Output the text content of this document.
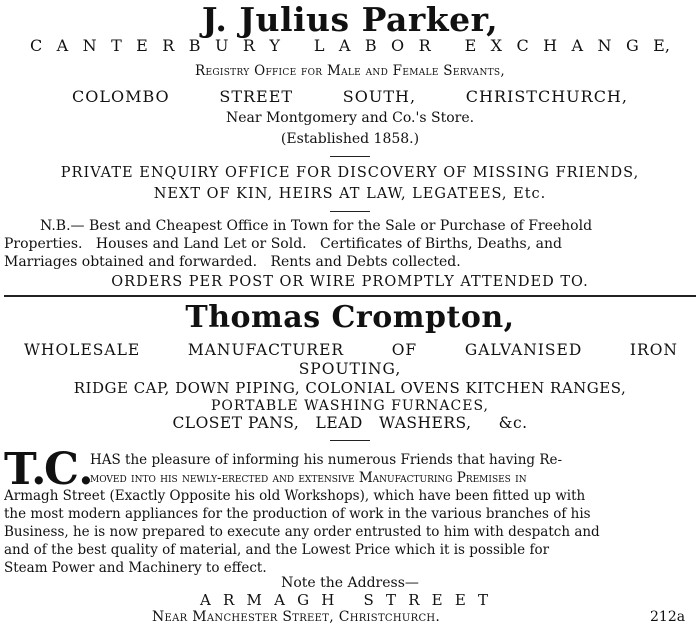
J. Julius Parker,
C A N T E R B U R Y
L A B O R
E X C H A N G E,
Registry Office for Male and Female Servants,
COLOMBO	STREET	SOUTH,	CHRISTCHURCH,
Near Montgomery and Co.'s Store.
(Established 1858.)
PRIVATE ENQUIRY OFFICE FOR DISCOVERY OF MISSING FRIENDS,
NEXT OF KIN, HEIRS AT LAW, LEGATEES, Etc.
N.B.— Best and Cheapest Office in Town for the Sale or Purchase of Freehold
Properties.   Houses and Land Let or Sold.   Certificates of Births, Deaths, and
Marriages obtained and forwarded.   Rents and Debts collected.
ORDERS PER POST OR WIRE PROMPTLY ATTENDED TO.
Thomas Crompton,
WHOLESALE	MANUFACTURER	OF	GALVANISED	IRON
SPOUTING,
RIDGE CAP, DOWN PIPING, COLONIAL OVENS KITCHEN RANGES,
PORTABLE WASHING FURNACES,
CLOSET PANS,   LEAD   WASHERS,     &c.
T.
C.
HAS the pleasure of informing his numerous Friends that having Re-
moved into his newly-erected and extensive Manufacturing Premises in
Armagh Street (Exactly Opposite his old Workshops), which have been fitted up with
the most modern appliances for the production of work in the various branches of his
Business, he is now prepared to execute any order entrusted to him with despatch and
and of the best quality of material, and the Lowest Price which it is possible for
Steam Power and Machinery to effect.
Note the Address—
A R M A G H
S T R E E T
Near Manchester Street, Christchurch.	212a
